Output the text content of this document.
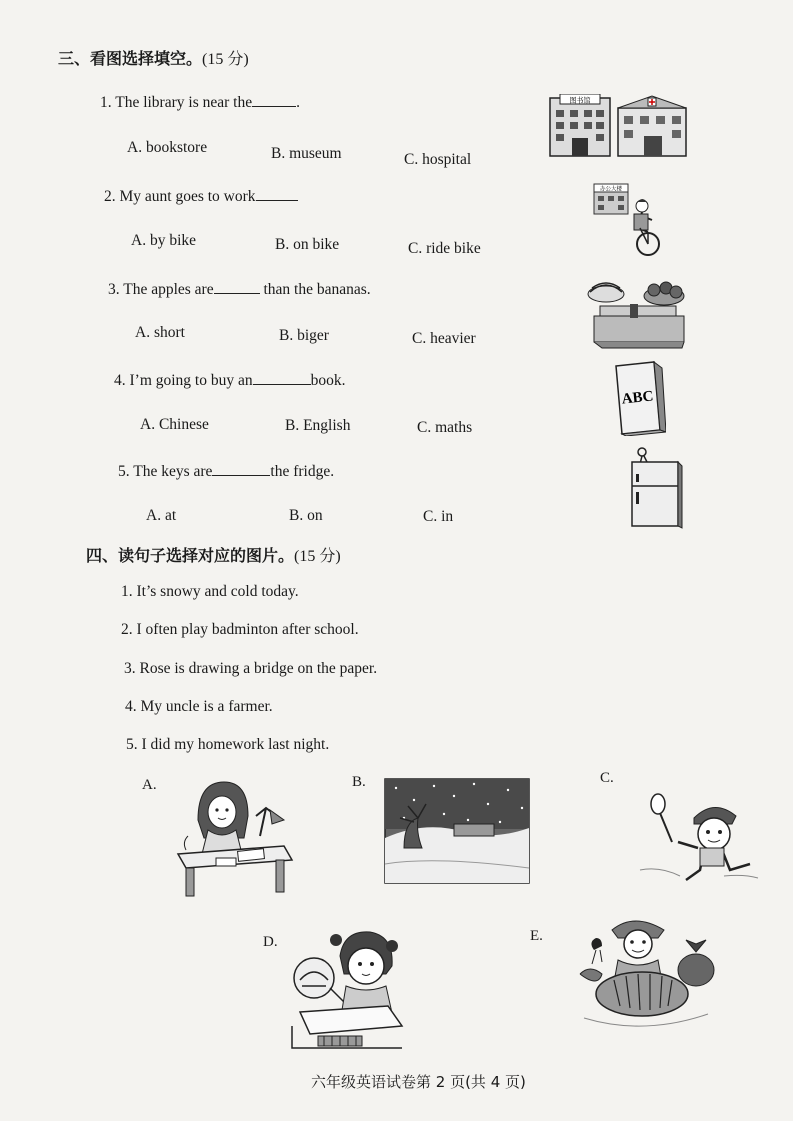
三、看图选择填空。(15 分)
1. The library is near the	.
A. bookstore	B. museum	C. hospital
2. My aunt goes to work
A. by bike	B. on bike	C. ride bike
3. The apples are	than the bananas.
A. short	B. biger	C. heavier
4. I’m going to buy an	book.
A. Chinese	B. English	C. maths
5. The keys are	the fridge.
A. at	B. on	C. in
图书馆
办公大楼
ABC
四、读句子选择对应的图片。(15 分)
1. It’s snowy and cold today.
2. I often play badminton after school.
3. Rose is drawing a bridge on the paper.
4. My uncle is a farmer.
5. I did my homework last night.
A.	B.	C.
D.	E.
六年级英语试卷第 2 页(共 4 页)
